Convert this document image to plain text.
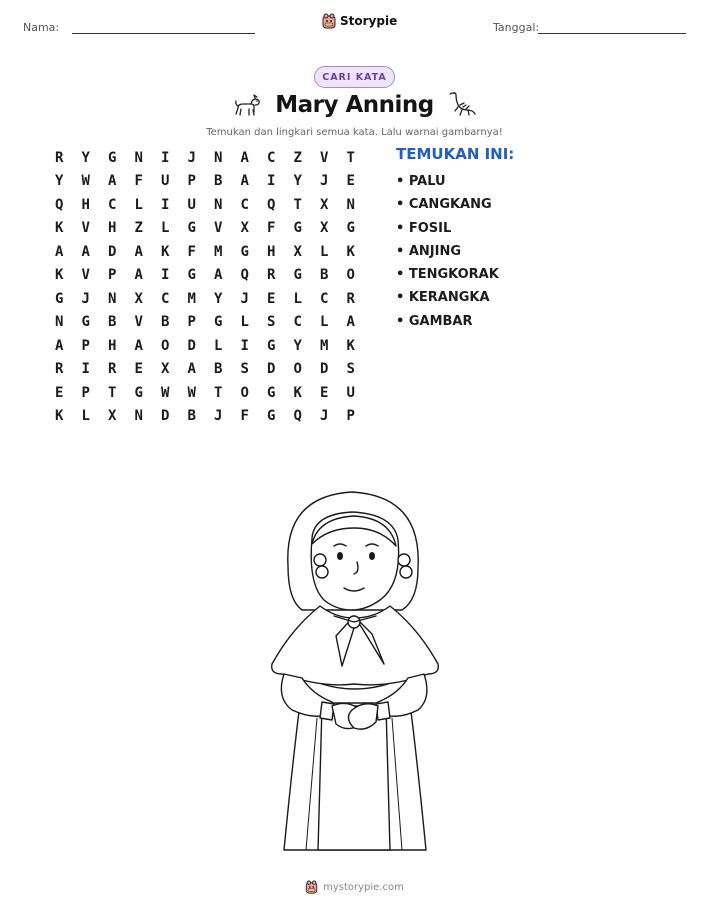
Nama:	Storypie	Tanggal:
CARI KATA
Mary Anning
Temukan dan lingkari semua kata. Lalu warnai gambarnya!
R	Y	G	N	I	J	N	A	C	Z	V	T
Y	W	A	F	U	P	B	A	I	Y	J	E
Q	H	C	L	I	U	N	C	Q	T	X	N
K	V	H	Z	L	G	V	X	F	G	X	G
A	A	D	A	K	F	M	G	H	X	L	K
K	V	P	A	I	G	A	Q	R	G	B	O
G	J	N	X	C	M	Y	J	E	L	C	R
N	G	B	V	B	P	G	L	S	C	L	A
A	P	H	A	O	D	L	I	G	Y	M	K
R	I	R	E	X	A	B	S	D	O	D	S
E	P	T	G	W	W	T	O	G	K	E	U
K	L	X	N	D	B	J	F	G	Q	J	P
TEMUKAN INI:
• PALU
• CANGKANG
• FOSIL
• ANJING
• TENGKORAK
• KERANGKA
• GAMBAR
mystorypie.com
